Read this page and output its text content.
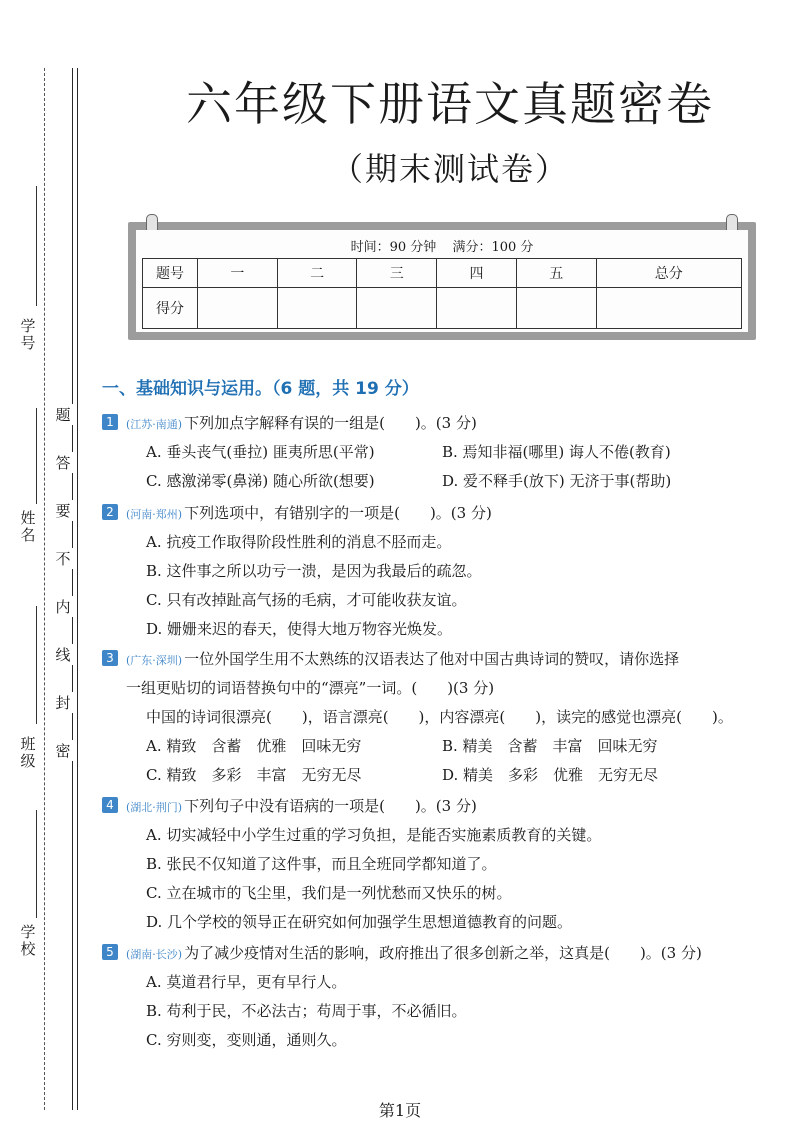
学号
姓名
班级
学校
题
答
要
不
内
线
封
密
六年级下册语文真题密卷
（期末测试卷）
时间：90 分钟 满分：100 分
题号	一	二	三	四	五	总分
得分						
一、基础知识与运用。（6 题，共 19 分）
1	(江苏·南通) 下列加点字解释有误的一组是(　　)。(3 分)
A. 垂头丧气(垂拉) 匪夷所思(平常)	B. 焉知非福(哪里) 诲人不倦(教育)
C. 感激涕零(鼻涕) 随心所欲(想要)	D. 爱不释手(放下) 无济于事(帮助)
2	(河南·郑州) 下列选项中，有错别字的一项是(　　)。(3 分)
A. 抗疫工作取得阶段性胜利的消息不胫而走。
B. 这件事之所以功亏一溃，是因为我最后的疏忽。
C. 只有改掉趾高气扬的毛病，才可能收获友谊。
D. 姗姗来迟的春天，使得大地万物容光焕发。
3	(广东·深圳) 一位外国学生用不太熟练的汉语表达了他对中国古典诗词的赞叹，请你选择
一组更贴切的词语替换句中的“漂亮”一词。(　　)(3 分)
中国的诗词很漂亮(　　)，语言漂亮(　　)，内容漂亮(　　)，读完的感觉也漂亮(　　)。
A. 精致　含蓄　优雅　回味无穷	B. 精美　含蓄　丰富　回味无穷
C. 精致　多彩　丰富　无穷无尽	D. 精美　多彩　优雅　无穷无尽
4	(湖北·荆门) 下列句子中没有语病的一项是(　　)。(3 分)
A. 切实减轻中小学生过重的学习负担，是能否实施素质教育的关键。
B. 张民不仅知道了这件事，而且全班同学都知道了。
C. 立在城市的飞尘里，我们是一列忧愁而又快乐的树。
D. 几个学校的领导正在研究如何加强学生思想道德教育的问题。
5	(湖南·长沙) 为了减少疫情对生活的影响，政府推出了很多创新之举，这真是(　　)。(3 分)
A. 莫道君行早，更有早行人。
B. 苟利于民，不必法古；苟周于事，不必循旧。
C. 穷则变，变则通，通则久。
第1页
